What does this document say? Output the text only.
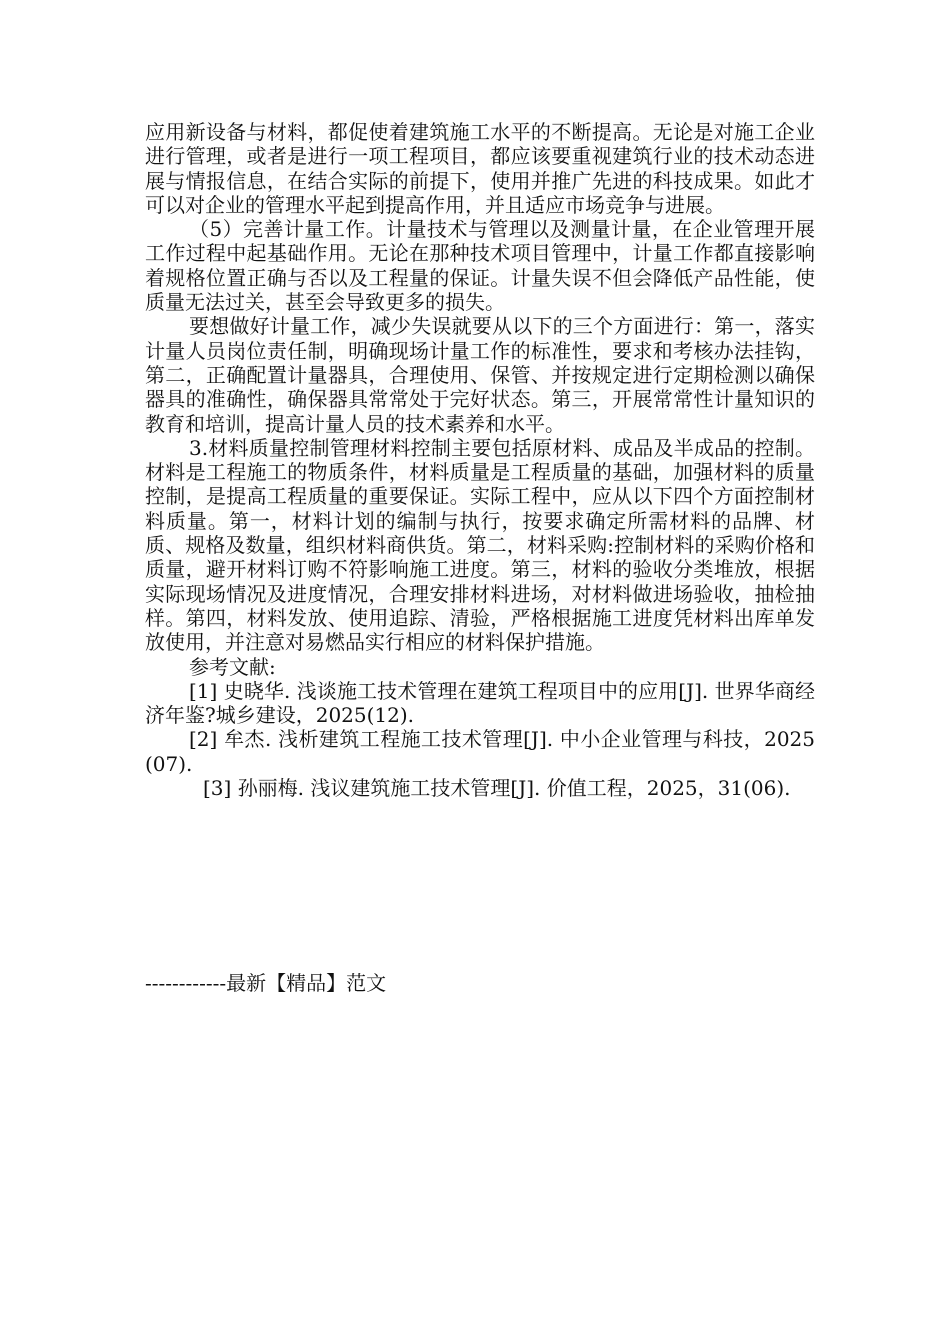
应用新设备与材料，都促使着建筑施工水平的不断提高。无论是对施工企业进行管理，或者是进行一项工程项目，都应该要重视建筑行业的技术动态进展与情报信息，在结合实际的前提下，使用并推广先进的科技成果。如此才可以对企业的管理水平起到提高作用，并且适应市场竞争与进展。

（5）完善计量工作。计量技术与管理以及测量计量，在企业管理开展工作过程中起基础作用。无论在那种技术项目管理中，计量工作都直接影响着规格位置正确与否以及工程量的保证。计量失误不但会降低产品性能，使质量无法过关，甚至会导致更多的损失。

要想做好计量工作，减少失误就要从以下的三个方面进行：第一，落实计量人员岗位责任制，明确现场计量工作的标准性，要求和考核办法挂钩，第二，正确配置计量器具，合理使用、保管、并按规定进行定期检测以确保器具的准确性，确保器具常常处于完好状态。第三，开展常常性计量知识的教育和培训，提高计量人员的技术素养和水平。

3.材料质量控制管理材料控制主要包括原材料、成品及半成品的控制。材料是工程施工的物质条件，材料质量是工程质量的基础，加强材料的质量控制，是提高工程质量的重要保证。实际工程中，应从以下四个方面控制材料质量。第一，材料计划的编制与执行，按要求确定所需材料的品牌、材质、规格及数量，组织材料商供货。第二，材料采购:控制材料的采购价格和质量，避开材料订购不符影响施工进度。第三，材料的验收分类堆放，根据实际现场情况及进度情况，合理安排材料进场，对材料做进场验收，抽检抽样。第四，材料发放、使用追踪、清验，严格根据施工进度凭材料出库单发放使用，并注意对易燃品实行相应的材料保护措施。

参考文献:

[1] 史晓华. 浅谈施工技术管理在建筑工程项目中的应用[J]. 世界华商经济年鉴?城乡建设，2025(12).

[2] 牟杰. 浅析建筑工程施工技术管理[J]. 中小企业管理与科技，2025 (07).

[3] 孙丽梅. 浅议建筑施工技术管理[J]. 价值工程，2025，31(06).

------------最新【精品】范文
